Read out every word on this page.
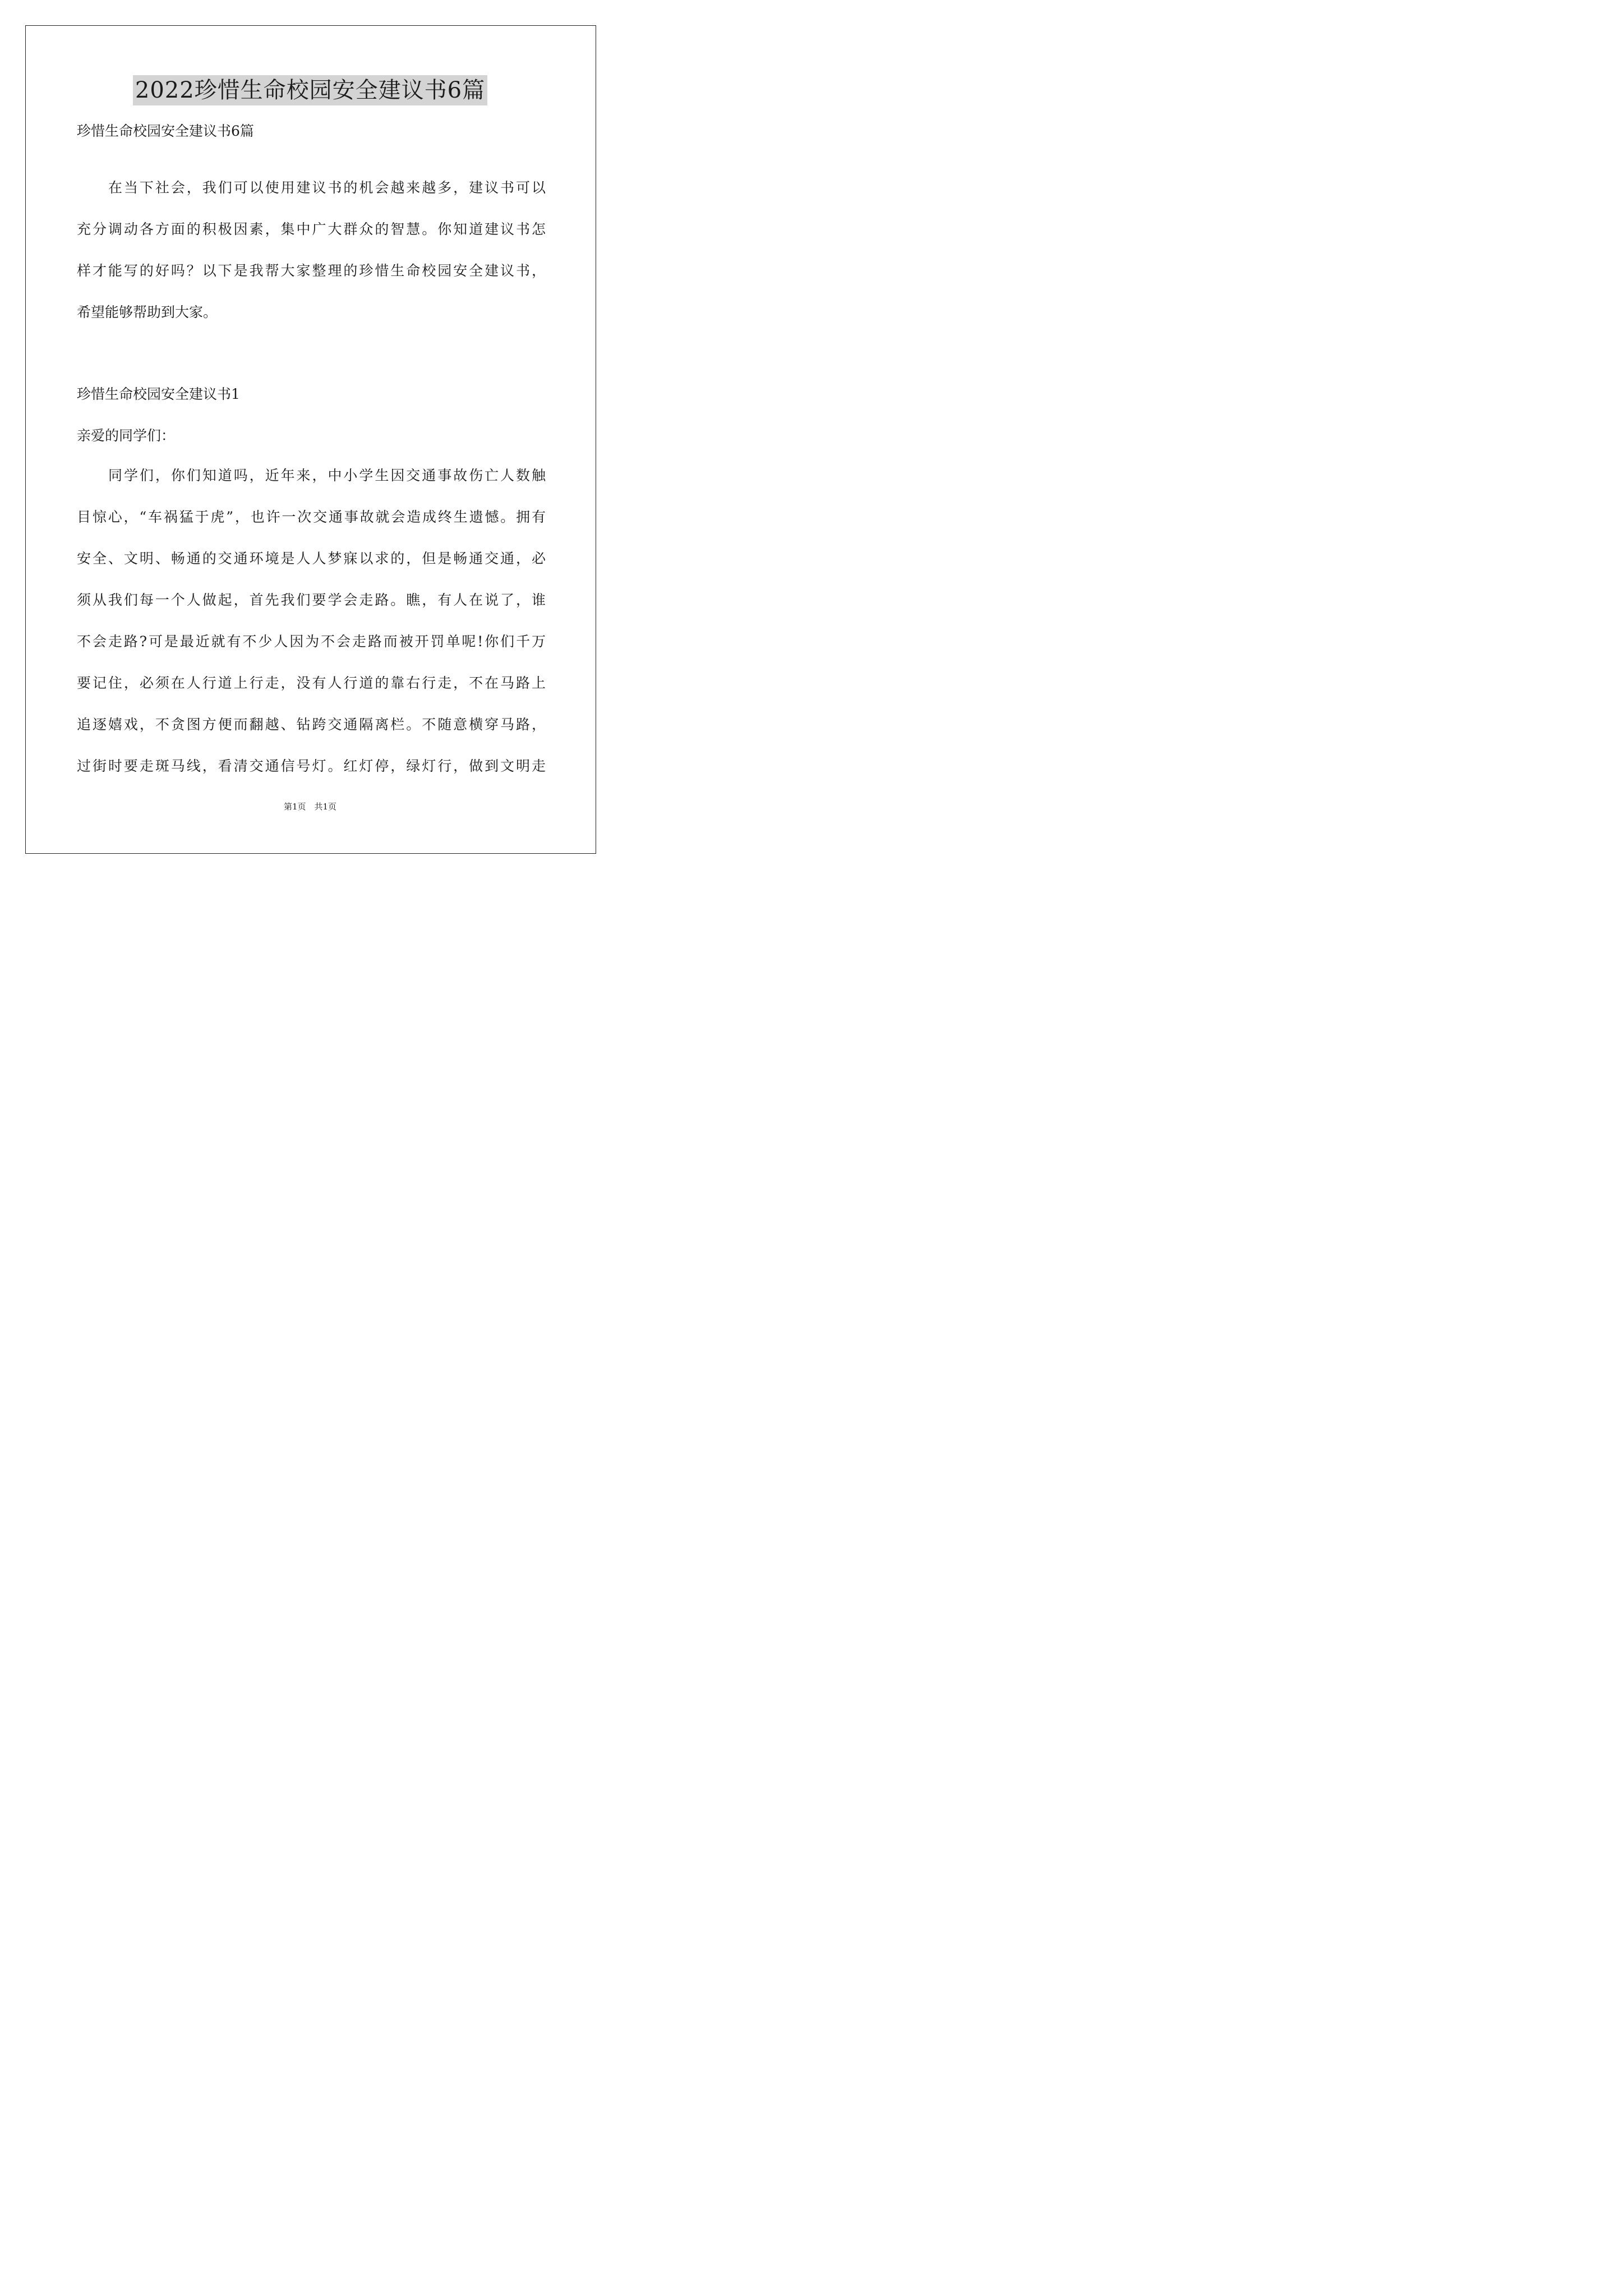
2022珍惜生命校园安全建议书6篇
珍惜生命校园安全建议书6篇
在当下社会，我们可以使用建议书的机会越来越多，建议书可以
充分调动各方面的积极因素，集中广大群众的智慧。你知道建议书怎
样才能写的好吗？以下是我帮大家整理的珍惜生命校园安全建议书，
希望能够帮助到大家。
珍惜生命校园安全建议书1
亲爱的同学们：
同学们，你们知道吗，近年来，中小学生因交通事故伤亡人数触
目惊心，“车祸猛于虎”，也许一次交通事故就会造成终生遗憾。拥有
安全、文明、畅通的交通环境是人人梦寐以求的，但是畅通交通，必
须从我们每一个人做起，首先我们要学会走路。瞧，有人在说了，谁
不会走路?可是最近就有不少人因为不会走路而被开罚单呢!你们千万
要记住，必须在人行道上行走，没有人行道的靠右行走，不在马路上
追逐嬉戏，不贪图方便而翻越、钻跨交通隔离栏。不随意横穿马路，
过街时要走斑马线，看清交通信号灯。红灯停，绿灯行，做到文明走
第1页　共1页
